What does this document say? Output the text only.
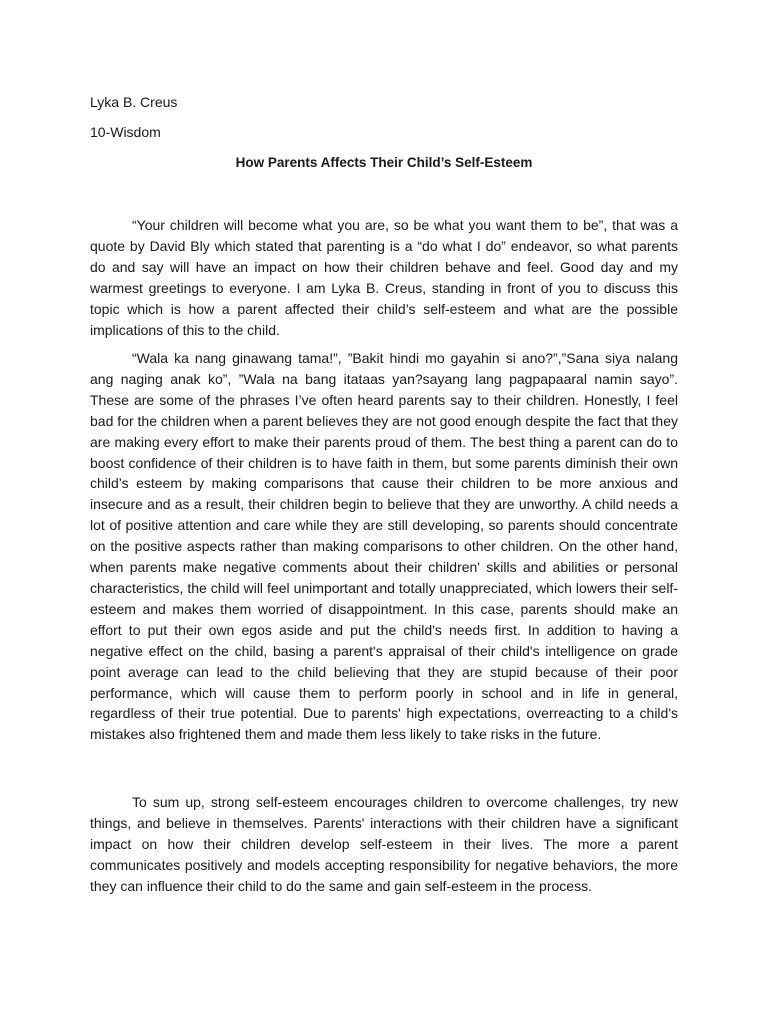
Lyka B. Creus

10-Wisdom

How Parents Affects Their Child’s Self-Esteem

“Your children will become what you are, so be what you want them to be”, that was a quote by David Bly which stated that parenting is a “do what I do” endeavor, so what parents do and say will have an impact on how their children behave and feel. Good day and my warmest greetings to everyone. I am Lyka B. Creus, standing in front of you to discuss this topic which is how a parent affected their child’s self-esteem and what are the possible implications of this to the child.

“Wala ka nang ginawang tama!”, ”Bakit hindi mo gayahin si ano?”,”Sana siya nalang ang naging anak ko”, ”Wala na bang itataas yan?sayang lang pagpapaaral namin sayo”. These are some of the phrases I’ve often heard parents say to their children. Honestly, I feel bad for the children when a parent believes they are not good enough despite the fact that they are making every effort to make their parents proud of them. The best thing a parent can do to boost confidence of their children is to have faith in them, but some parents diminish their own child’s esteem by making comparisons that cause their children to be more anxious and insecure and as a result, their children begin to believe that they are unworthy. A child needs a lot of positive attention and care while they are still developing, so parents should concentrate on the positive aspects rather than making comparisons to other children. On the other hand, when parents make negative comments about their children' skills and abilities or personal characteristics, the child will feel unimportant and totally unappreciated, which lowers their self-esteem and makes them worried of disappointment. In this case, parents should make an effort to put their own egos aside and put the child's needs first. In addition to having a negative effect on the child, basing a parent's appraisal of their child's intelligence on grade point average can lead to the child believing that they are stupid because of their poor performance, which will cause them to perform poorly in school and in life in general, regardless of their true potential. Due to parents' high expectations, overreacting to a child's mistakes also frightened them and made them less likely to take risks in the future.

To sum up, strong self-esteem encourages children to overcome challenges, try new things, and believe in themselves. Parents' interactions with their children have a significant impact on how their children develop self-esteem in their lives. The more a parent communicates positively and models accepting responsibility for negative behaviors, the more they can influence their child to do the same and gain self-esteem in the process.
